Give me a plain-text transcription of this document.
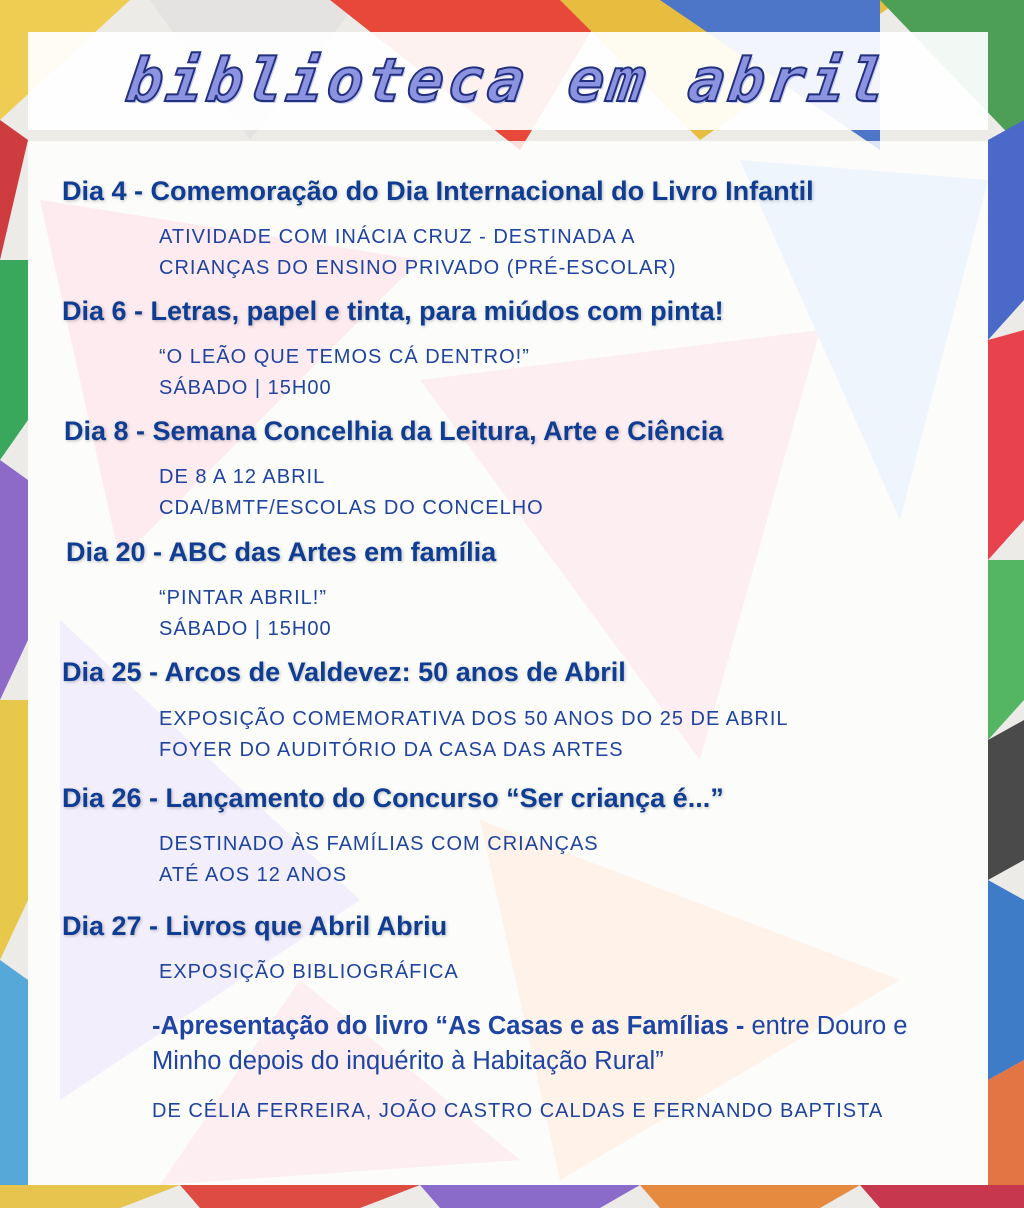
biblioteca em abril
Dia 4 - Comemoração do Dia Internacional do Livro Infantil
ATIVIDADE COM INÁCIA CRUZ - DESTINADA A
CRIANÇAS DO ENSINO PRIVADO (PRÉ-ESCOLAR)
Dia 6 - Letras, papel e tinta, para miúdos com pinta!
“O LEÃO QUE TEMOS CÁ DENTRO!”
SÁBADO | 15H00
Dia 8 - Semana Concelhia da Leitura, Arte e Ciência
DE 8 A 12 ABRIL
CDA/BMTF/ESCOLAS DO CONCELHO
Dia 20 - ABC das Artes em família
“PINTAR ABRIL!”
SÁBADO | 15H00
Dia 25 - Arcos de Valdevez: 50 anos de Abril
EXPOSIÇÃO COMEMORATIVA DOS 50 ANOS DO 25 DE ABRIL
FOYER DO AUDITÓRIO DA CASA DAS ARTES
Dia 26 - Lançamento do Concurso “Ser criança é...”
DESTINADO ÀS FAMÍLIAS COM CRIANÇAS
ATÉ AOS 12 ANOS
Dia 27 - Livros que Abril Abriu
EXPOSIÇÃO BIBLIOGRÁFICA
-Apresentação do livro “As Casas e as Famílias - entre Douro e Minho depois do inquérito à Habitação Rural”
DE CÉLIA FERREIRA, JOÃO CASTRO CALDAS E FERNANDO BAPTISTA
